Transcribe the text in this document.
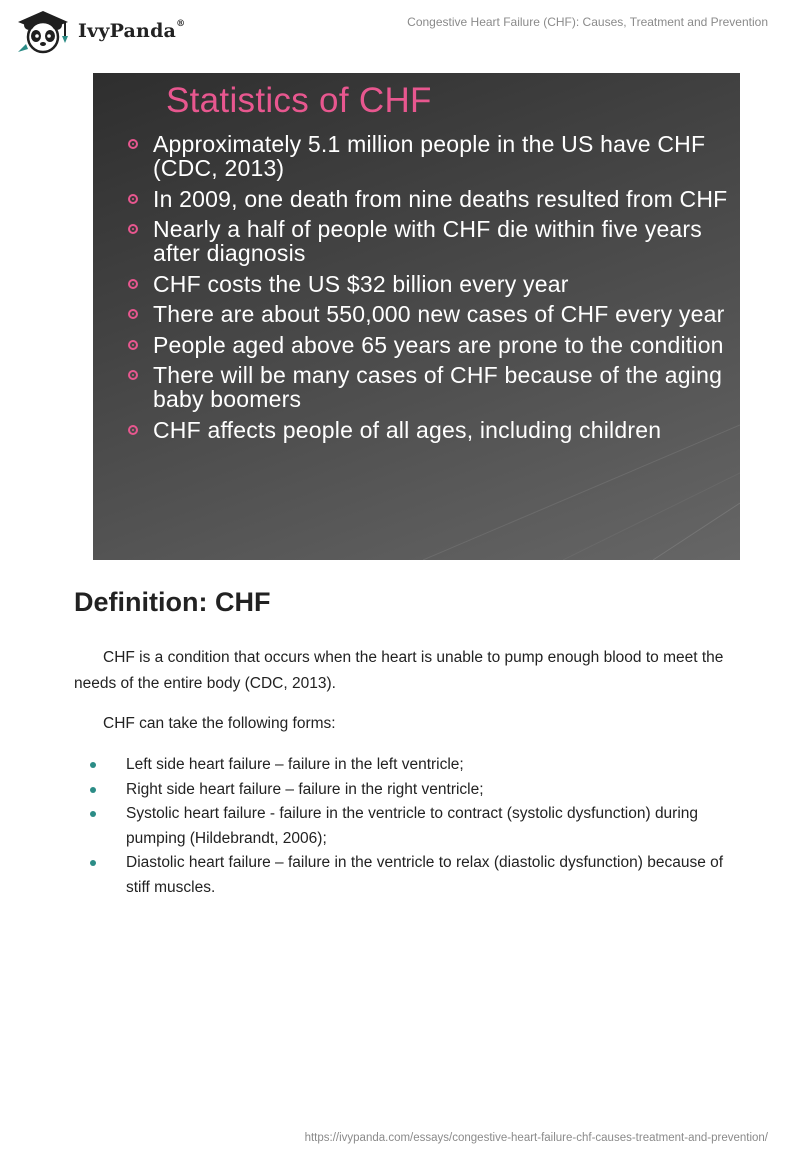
IvyPanda®	Congestive Heart Failure (CHF): Causes, Treatment and Prevention
Statistics of CHF
Approximately 5.1 million people in the US have CHF (CDC, 2013)
In 2009, one death from nine deaths resulted from CHF
Nearly a half of people with CHF die within five years after diagnosis
CHF costs the US $32 billion every year
There are about 550,000 new cases of CHF every year
People aged above 65 years are prone to the condition
There will be many cases of CHF because of the aging baby boomers
CHF affects people of all ages, including children
Definition: CHF

CHF is a condition that occurs when the heart is unable to pump enough blood to meet the needs of the entire body (CDC, 2013).

CHF can take the following forms:

Left side heart failure – failure in the left ventricle;
Right side heart failure – failure in the right ventricle;
Systolic heart failure - failure in the ventricle to contract (systolic dysfunction) during pumping (Hildebrandt, 2006);
Diastolic heart failure – failure in the ventricle to relax (diastolic dysfunction) because of stiff muscles.
https://ivypanda.com/essays/congestive-heart-failure-chf-causes-treatment-and-prevention/
